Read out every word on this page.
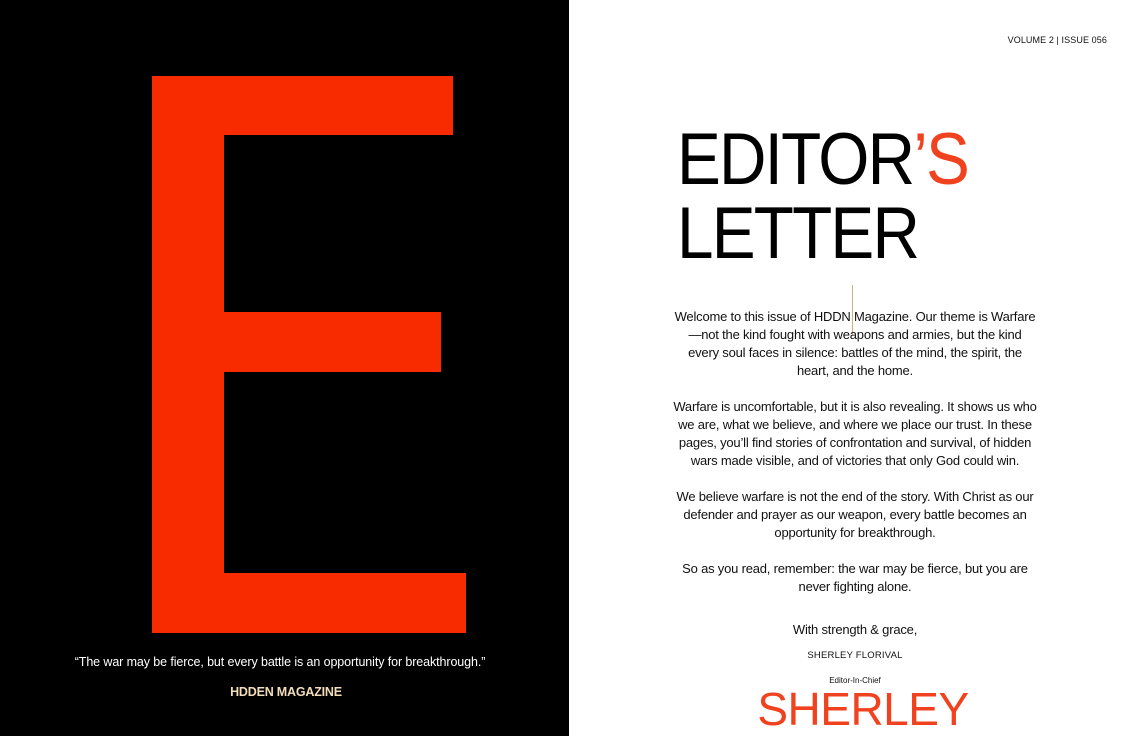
“The war may be fierce, but every battle is an opportunity for breakthrough.”
HDDEN MAGAZINE
VOLUME 2 | ISSUE 056
EDITOR’S
LETTER

Welcome to this issue of HDDN Magazine. Our theme is Warfare—not the kind fought with weapons and armies, but the kind every soul faces in silence: battles of the mind, the spirit, the heart, and the home.

Warfare is uncomfortable, but it is also revealing. It shows us who we are, what we believe, and where we place our trust. In these pages, you’ll find stories of confrontation and survival, of hidden wars made visible, and of victories that only God could win.

We believe warfare is not the end of the story. With Christ as our defender and prayer as our weapon, every battle becomes an opportunity for breakthrough.

So as you read, remember: the war may be fierce, but you are never fighting alone.

With strength & grace,
SHERLEY FLORIVAL
Editor-In-Chief
SHERLEY
